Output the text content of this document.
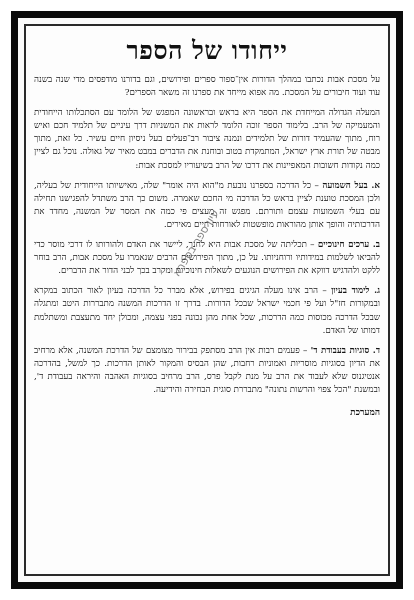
ייחודו של הספר

על מסכת אבות נכתבו במהלך הדורות אין־ספור ספרים ופירושים, וגם בדורנו מודפסים מדי שנה בשנה עוד ועוד חיבורים על המסכת. מה אפוא מייחד את ספרנו זה משאר הספרים?

המעלה הגדולה המייחדת את הספר היא בראש ובראשונה המפגש של הלומד עם הסתכלותו הייחודית והמעמיקה של הרב. בלימוד הספר זוכה הלומד לראות את המשניות דרך עיניים של תלמיד חכם ואיש רוח, מתוך שהעמיד דורות של תלמידים ונמנה ציבור רב־פעלים בעל ניסיון חיים עשיר. כל זאת, מתוך מבטה של תורת ארץ ישראל, המתמקדת בטוב ובוחנת את הדברים במבט מאיר של גאולה. נוכל גם לציין כמה נקודות חשובות המאפיינות את דרכו של הרב בשיעוריו למסכת אבות:

א. בעל השמועה – כל הדרכה בספרנו נובעת מ"הוא היה אומר" שלה, מאישיותו הייחודית של בעליה, ולכן המסכת טוענת לציין בראש כל הדרכה מי החכם שאמרה. משום כך הרב משתדל להפגישנו תחילה עם בעלי השמועות עצמם ותורתם. מפגש זה מעצים פי כמה את המסר של המשנה, מחדד את הדרכותיה והופך אותן מהוראות מופשטות לאורחות חיים מאירים.

ב. ערכים חינוכיים – תכליתה של מסכת אבות היא לחנך, ליישר את האדם ולהורותו לו דרכי מוסר כדי להביאו לשלמות במידותיו ורוחניותו. על כן, מתוך הפירושים הרבים שנאמרו על מסכת אבות, הרב בוחר ללקט ולהדגיש דווקא את הפירושים הנוגעים לשאלות חינוכיות ומקרב בכך לבני הדור את הדברים.

ג. לימוד בעיון – הרב אינו מעלה הגיגים בפירוש, אלא מברר כל הדרכה בעיון לאור הכתוב במקרא ובמקורות חז"ל ועל פי חכמי ישראל שבכל הדורות. בדרך זו הדרכות המשנה מתבררות היטב ומתגלה שבכל הדרכה מכוסות כמה הדרכות, שכל אחת מהן נכונה בפני עצמה, ומכולן יחד מתעצבת ומשתלמת דמותו של האדם.

ד. סוגיות בעבודת ד' – פעמים רבות אין הרב מסתפק בבירור מצומצם של הדרכת המשנה, אלא מרחיב את הדיון בסוגיות מוסריות ואמוניות רחבות, שהן הבסיס והמקור לאותן הדרכות. כך למשל, בהדרכה אנטיגנוס שלא לעבוד את הרב על מנת לקבל פרס, הרב מרחיב בסוגיות האהבה והיראה בעבודת ד', ובמשנת "הכל צפוי והרשות נתונה" מתבררת סוגית הבחירה והידיעה.

המערכת
עיון ספר בספרא
